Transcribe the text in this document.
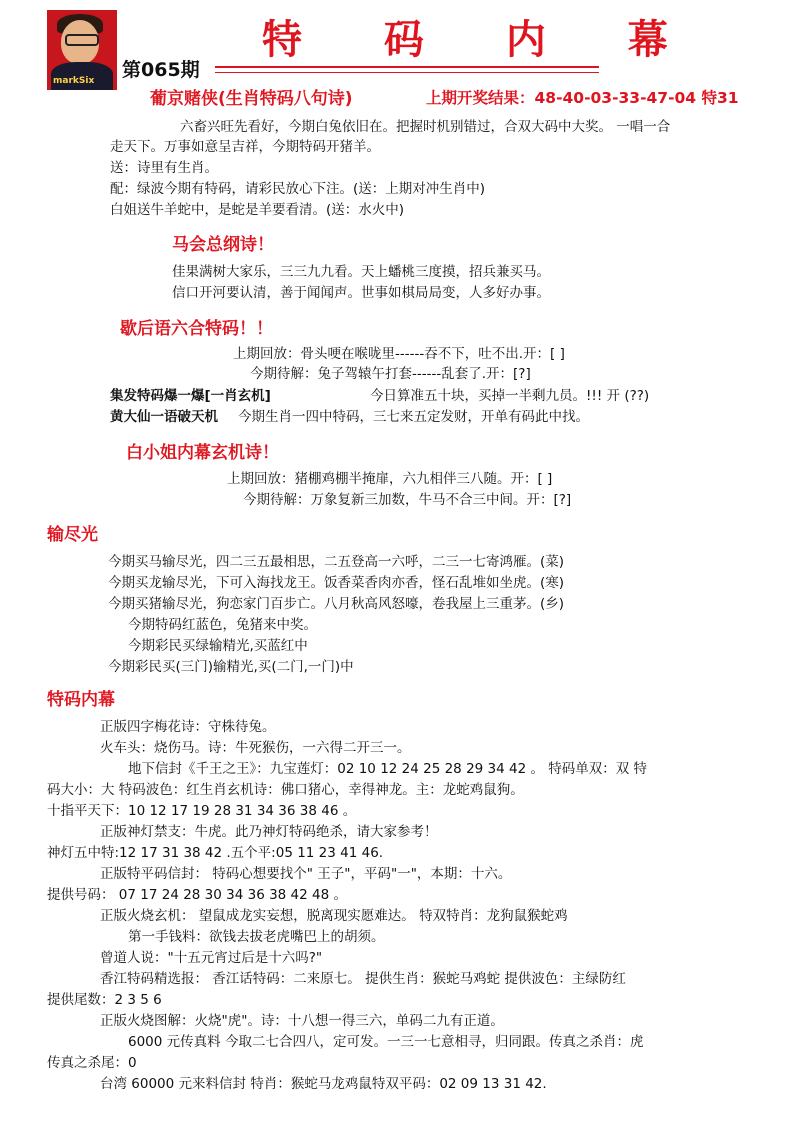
markSix
特 码 内 幕
第065期
葡京赌侠(生肖特码八句诗)	上期开奖结果：48-40-03-33-47-04 特31
六畜兴旺先看好，今期白兔依旧在。把握时机别错过，合双大码中大奖。 一唱一合
走天下。万事如意呈吉祥，今期特码开猪羊。
送：诗里有生肖。
配：绿波今期有特码，请彩民放心下注。(送：上期对冲生肖中)
白姐送牛羊蛇中，是蛇是羊要看清。(送：水火中)
马会总纲诗！
佳果满树大家乐，三三九九看。天上蟠桃三度摸，招兵兼买马。
信口开河要认清，善于闻闻声。世事如棋局局变，人多好办事。
歇后语六合特码！！
上期回放：骨头哽在喉咙里------吞不下，吐不出.开：[ ]
今期待解：兔子驾辕午打套------乱套了.开：[?]
集发特码爆一爆[一肖玄机]	今日算准五十块，买掉一半剩九员。!!! 开 (??)
黄大仙一语破天机 今期生肖一四中特码，三七来五定发财，开单有码此中找。
白小姐内幕玄机诗！
上期回放：猪棚鸡棚半掩扉，六九相伴三八随。开：[ ]
今期待解：万象复新三加数，牛马不合三中间。开：[?]
输尽光
今期买马输尽光，四二三五最相思，二五登高一六呼，二三一七寄鸿雁。(菜)
今期买龙输尽光，下可入海找龙王。饭香菜香肉亦香，怪石乱堆如坐虎。(寒)
今期买猪输尽光，狗恋家门百步亡。八月秋高风怒嚎，卷我屋上三重茅。(乡)
今期特码红蓝色，兔猪来中奖。
今期彩民买绿输精光,买蓝红中
今期彩民买(三门)输精光,买(二门,一门)中
特码内幕
正版四字梅花诗：守株待兔。
火车头：烧伤马。诗：牛死猴伤，一六得二开三一。
地下信封《千王之王》：九宝莲灯：02 10 12 24 25 28 29 34 42 。 特码单双：双 特
码大小：大 特码波色：红生肖玄机诗：佛口猪心，幸得神龙。主：龙蛇鸡鼠狗。
十指平天下：10 12 17 19 28 31 34 36 38 46 。
正版神灯禁支：牛虎。此乃神灯特码绝杀，请大家参考！
神灯五中特:12 17 31 38 42 .五个平:05 11 23 41 46.
正版特平码信封： 特码心想要找个" 王子"，平码"一"，本期：十六。
提供号码： 07 17 24 28 30 34 36 38 42 48 。
正版火烧玄机： 望鼠成龙实妄想，脱离现实愿难达。 特双特肖：龙狗鼠猴蛇鸡
第一手钱料：欲钱去拔老虎嘴巴上的胡须。
曾道人说："十五元宵过后是十六吗?"
香江特码精选报： 香江话特码：二来原七。 提供生肖：猴蛇马鸡蛇 提供波色：主绿防红
提供尾数：2 3 5 6
正版火烧图解：火烧"虎"。诗：十八想一得三六，单码二九有正道。
6000 元传真料 今取二七合四八，定可发。一三一七意相寻，归同跟。传真之杀肖：虎
传真之杀尾：0
台湾 60000 元来料信封 特肖：猴蛇马龙鸡鼠特双平码：02 09 13 31 42.
